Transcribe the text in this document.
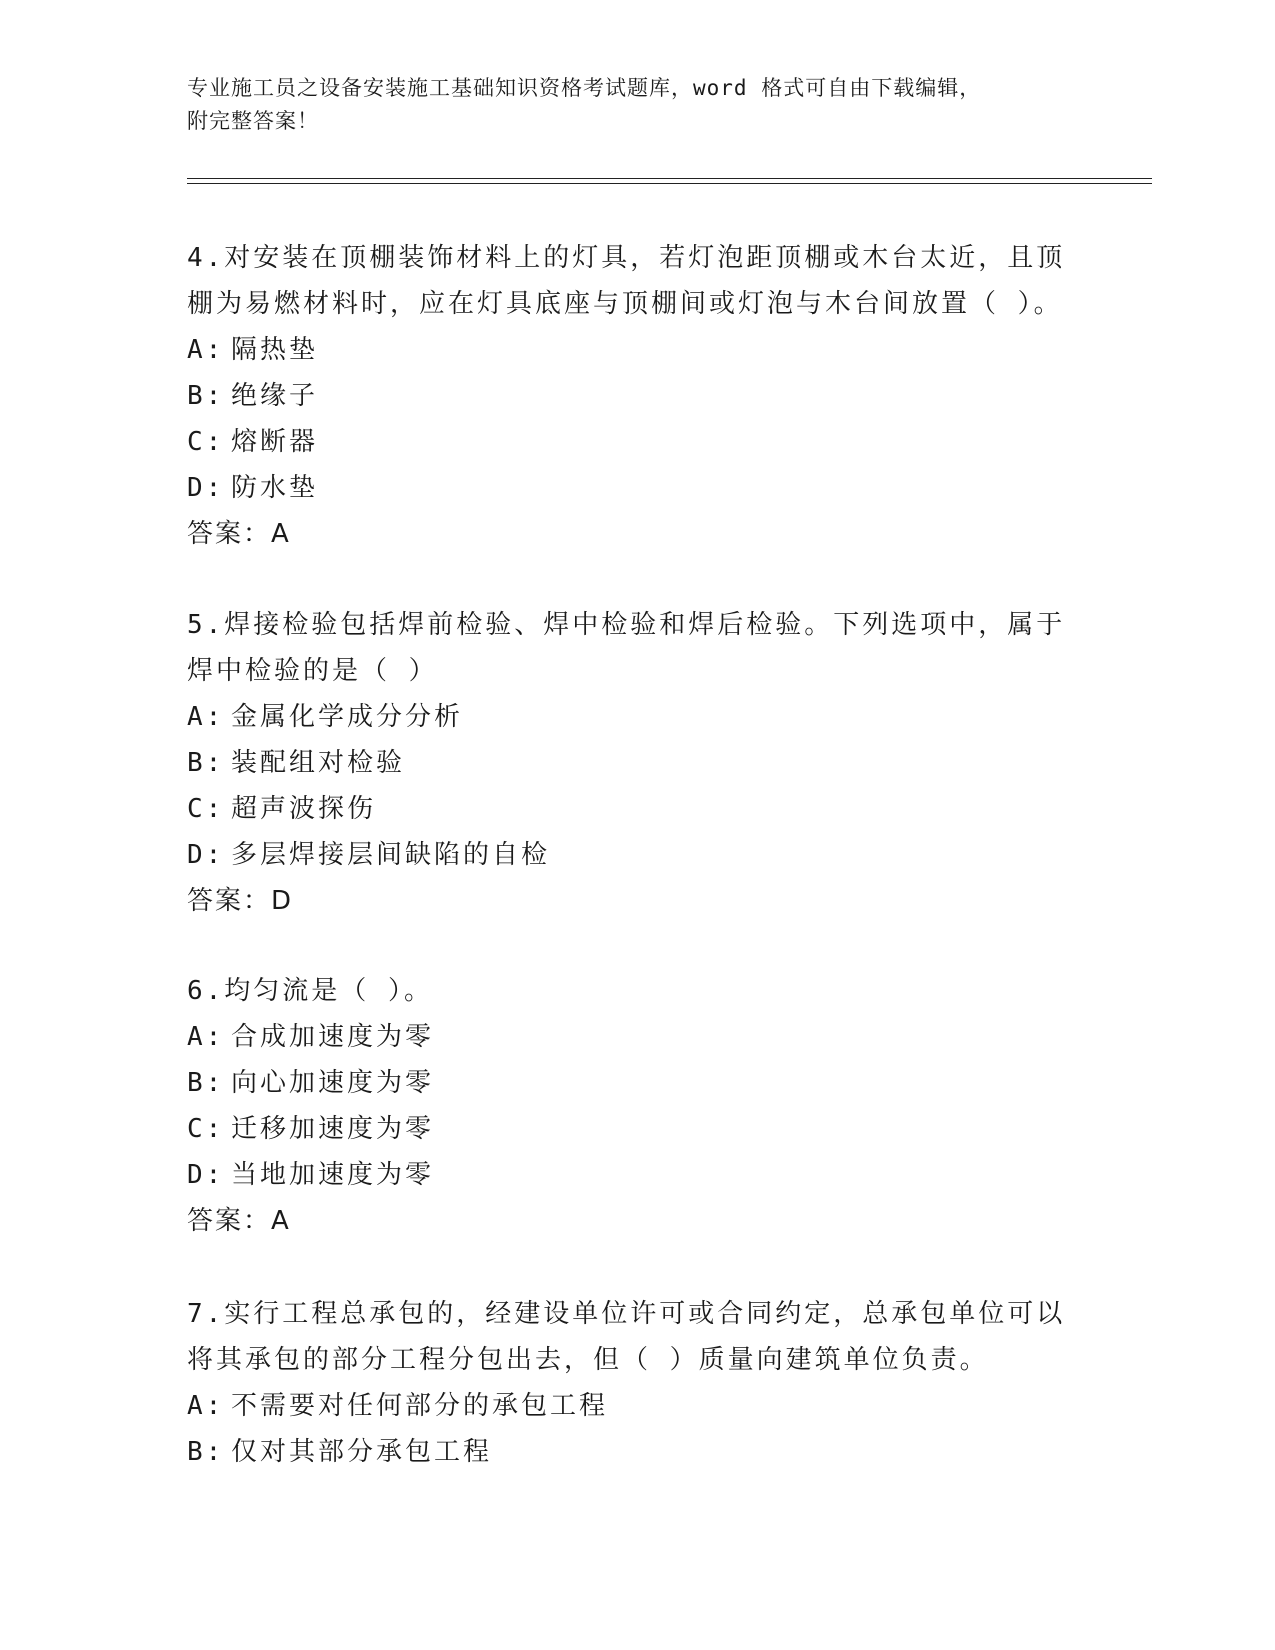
专业施工员之设备安装施工基础知识资格考试题库，word 格式可自由下载编辑，
附完整答案！

4.对安装在顶棚装饰材料上的灯具，若灯泡距顶棚或木台太近，且顶

棚为易燃材料时，应在灯具底座与顶棚间或灯泡与木台间放置（ ）。

A: 隔热垫

B: 绝缘子

C: 熔断器

D: 防水垫

答案：A

5.焊接检验包括焊前检验、焊中检验和焊后检验。下列选项中，属于

焊中检验的是（ ）

A: 金属化学成分分析

B: 装配组对检验

C: 超声波探伤

D: 多层焊接层间缺陷的自检

答案：D

6.均匀流是（ ）。

A: 合成加速度为零

B: 向心加速度为零

C: 迁移加速度为零

D: 当地加速度为零

答案：A

7.实行工程总承包的，经建设单位许可或合同约定，总承包单位可以

将其承包的部分工程分包出去，但（ ）质量向建筑单位负责。

A: 不需要对任何部分的承包工程

B: 仅对其部分承包工程
